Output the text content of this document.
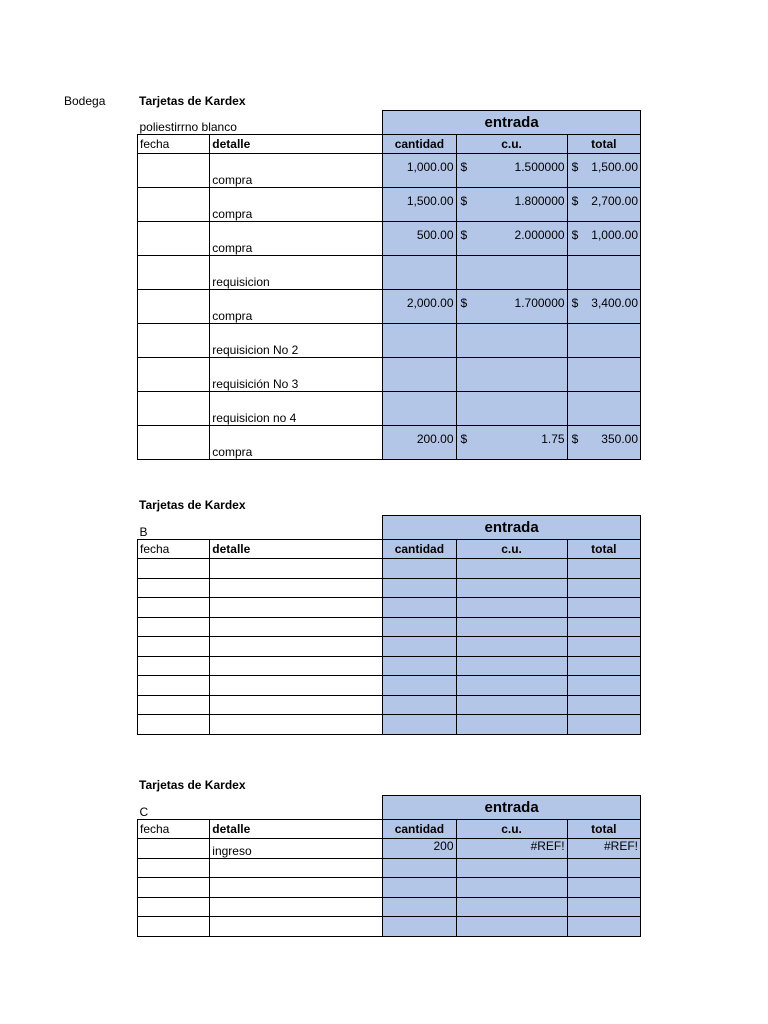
Bodega	Tarjetas de Kardex
poliestirrno blanco		entrada		
fecha	detalle	cantidad	c.u.	total
	compra	1,000.00	$ 1.500000	$ 1,500.00

	compra	1,500.00	$ 1.800000	$ 2,700.00

	compra	500.00	$ 2.000000	$ 1,000.00

	requisicion		

	compra	2,000.00	$ 1.700000	$ 3,400.00

	requisicion No 2		

	requisición No 3		

	requisicion no 4		

	compra	200.00	$ 1.75	$ 350.00
Tarjetas de Kardex
B		entrada		
fecha	detalle	cantidad	c.u.	total

Tarjetas de Kardex
C		entrada		
fecha	detalle	cantidad	c.u.	total
	ingreso	200	#REF!	#REF!
